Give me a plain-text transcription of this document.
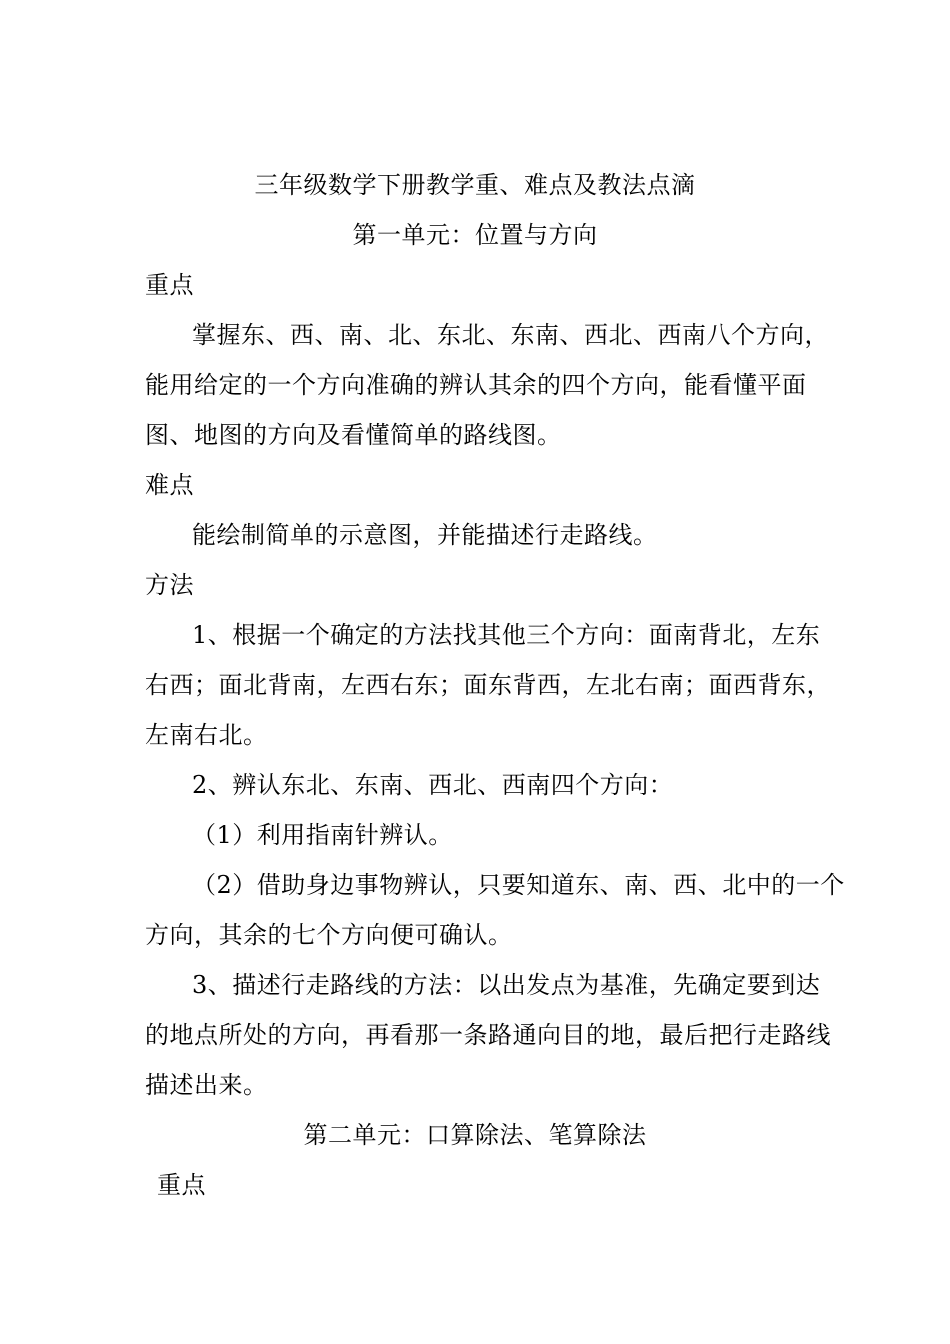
三年级数学下册教学重、难点及教法点滴
第一单元：位置与方向
重点
掌握东、西、南、北、东北、东南、西北、西南八个方向，
能用给定的一个方向准确的辨认其余的四个方向，能看懂平面
图、地图的方向及看懂简单的路线图。
难点
能绘制简单的示意图，并能描述行走路线。
方法
1、根据一个确定的方法找其他三个方向：面南背北，左东
右西；面北背南，左西右东；面东背西，左北右南；面西背东，
左南右北。
2、辨认东北、东南、西北、西南四个方向：
（1）利用指南针辨认。
（2）借助身边事物辨认，只要知道东、南、西、北中的一个
方向，其余的七个方向便可确认。
3、描述行走路线的方法：以出发点为基准，先确定要到达
的地点所处的方向，再看那一条路通向目的地，最后把行走路线
描述出来。
第二单元：口算除法、笔算除法
重点
